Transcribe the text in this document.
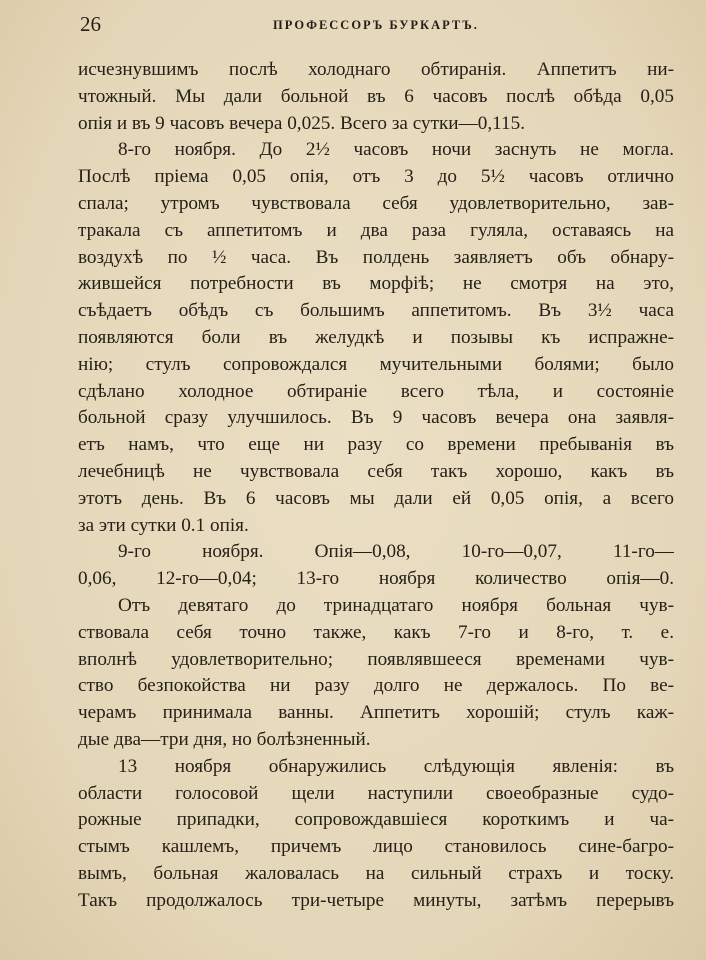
26	ПРОФЕССОРЪ БУРКАРТЪ.
исчезнувшимъ послѣ холоднаго обтиранія. Аппетитъ ни-
чтожный. Мы дали больной въ 6 часовъ послѣ обѣда 0,05
опія и въ 9 часовъ вечера 0,025. Всего за сутки—0,115.
8-го ноября. До 2½ часовъ ночи заснуть не могла.
Послѣ пріема 0,05 опія, отъ 3 до 5½ часовъ отлично
спала; утромъ чувствовала себя удовлетворительно, зав-
тракала съ аппетитомъ и два раза гуляла, оставаясь на
воздухѣ по ½ часа. Въ полдень заявляетъ объ обнару-
жившейся потребности въ морфiѣ; не смотря на это,
съѣдаетъ обѣдъ съ большимъ аппетитомъ. Въ 3½ часа
появляются боли въ желудкѣ и позывы къ испражне-
нію; стулъ сопровождался мучительными болями; было
сдѣлано холодное обтираніе всего тѣла, и состояніе
больной сразу улучшилось. Въ 9 часовъ вечера она заявля-
етъ намъ, что еще ни разу со времени пребыванія въ
лечебницѣ не чувствовала себя такъ хорошо, какъ въ
этотъ день. Въ 6 часовъ мы дали ей 0,05 опія, а всего
за эти сутки 0.1 опія.
9-го ноября. Опія—0,08, 10-го—0,07, 11-го—
0,06, 12-го—0,04; 13-го ноября количество опія—0.
Отъ девятаго до тринадцатаго ноября больная чув-
ствовала себя точно также, какъ 7-го и 8-го, т. е.
вполнѣ удовлетворительно; появлявшееся временами чув-
ство безпокойства ни разу долго не держалось. По ве-
черамъ принимала ванны. Аппетитъ хорошій; стулъ каж-
дые два—три дня, но болѣзненный.
13 ноября обнаружились слѣдующія явленія: въ
области голосовой щели наступили своеобразные судо-
рожные припадки, сопровождавшіеся короткимъ и ча-
стымъ кашлемъ, причемъ лицо становилось сине-багро-
вымъ, больная жаловалась на сильный страхъ и тоску.
Такъ продолжалось три-четыре минуты, затѣмъ перерывъ
